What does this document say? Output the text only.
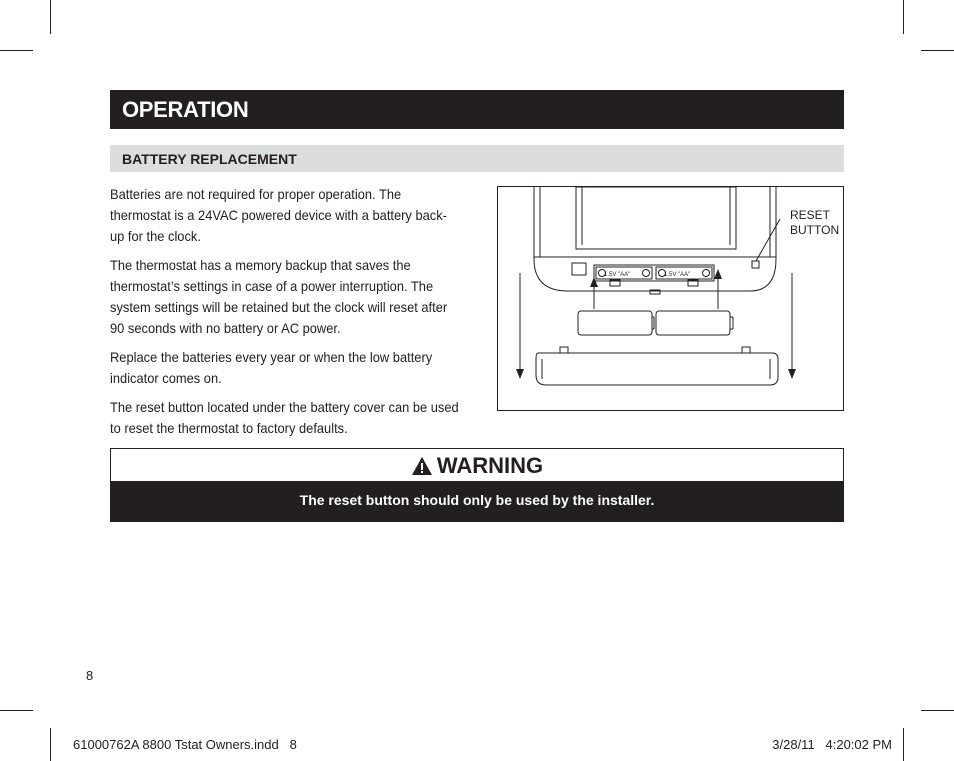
OPERATION
BATTERY REPLACEMENT

Batteries are not required for proper operation. The thermostat is a 24VAC powered device with a battery back-up for the clock.

The thermostat has a memory backup that saves the thermostat’s settings in case of a power interruption. The system settings will be retained but the clock will reset after 90 seconds with no battery or AC power.

Replace the batteries every year or when the low battery indicator comes on.

The reset button located under the battery cover can be used to reset the thermostat to factory defaults.

1.5V "AA"	1.5V "AA"
RESET
BUTTON
WARNING
The reset button should only be used by the installer.
8
61000762A 8800 Tstat Owners.indd   8	3/28/11   4:20:02 PM
